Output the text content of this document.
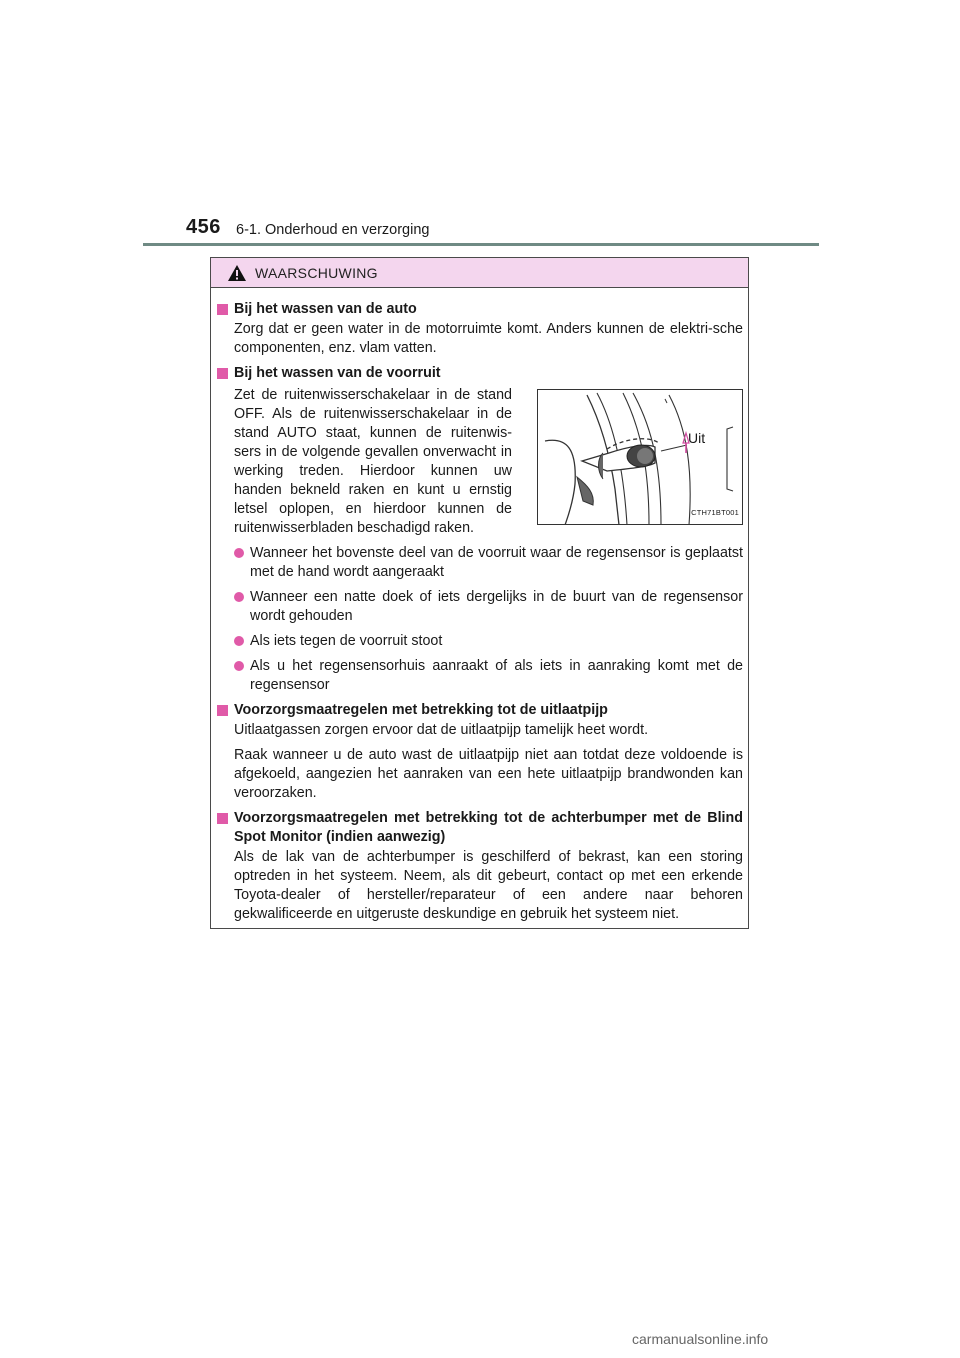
456 6-1. Onderhoud en verzorging
WAARSCHUWING
Bij het wassen van de auto
Zorg dat er geen water in de motorruimte komt. Anders kunnen de elektri-sche componenten, enz. vlam vatten.
Bij het wassen van de voorruit
Zet de ruitenwisserschakelaar in de stand OFF. Als de ruitenwisserschakelaar in de stand AUTO staat, kunnen de ruitenwis-sers in de volgende gevallen onverwacht in werking treden. Hierdoor kunnen uw handen bekneld raken en kunt u ernstig letsel oplopen, en hierdoor kunnen de ruitenwisserbladen beschadigd raken.
Uit
CTH71BT001
Wanneer het bovenste deel van de voorruit waar de regensensor is geplaatst met de hand wordt aangeraakt
Wanneer een natte doek of iets dergelijks in de buurt van de regensensor wordt gehouden
Als iets tegen de voorruit stoot
Als u het regensensorhuis aanraakt of als iets in aanraking komt met de regensensor
Voorzorgsmaatregelen met betrekking tot de uitlaatpijp
Uitlaatgassen zorgen ervoor dat de uitlaatpijp tamelijk heet wordt.
Raak wanneer u de auto wast de uitlaatpijp niet aan totdat deze voldoende is afgekoeld, aangezien het aanraken van een hete uitlaatpijp brandwonden kan veroorzaken.
Voorzorgsmaatregelen met betrekking tot de achterbumper met de Blind Spot Monitor (indien aanwezig)
Als de lak van de achterbumper is geschilferd of bekrast, kan een storing optreden in het systeem. Neem, als dit gebeurt, contact op met een erkende Toyota-dealer of hersteller/reparateur of een andere naar behoren gekwalificeerde en uitgeruste deskundige en gebruik het systeem niet.
carmanualsonline.info
